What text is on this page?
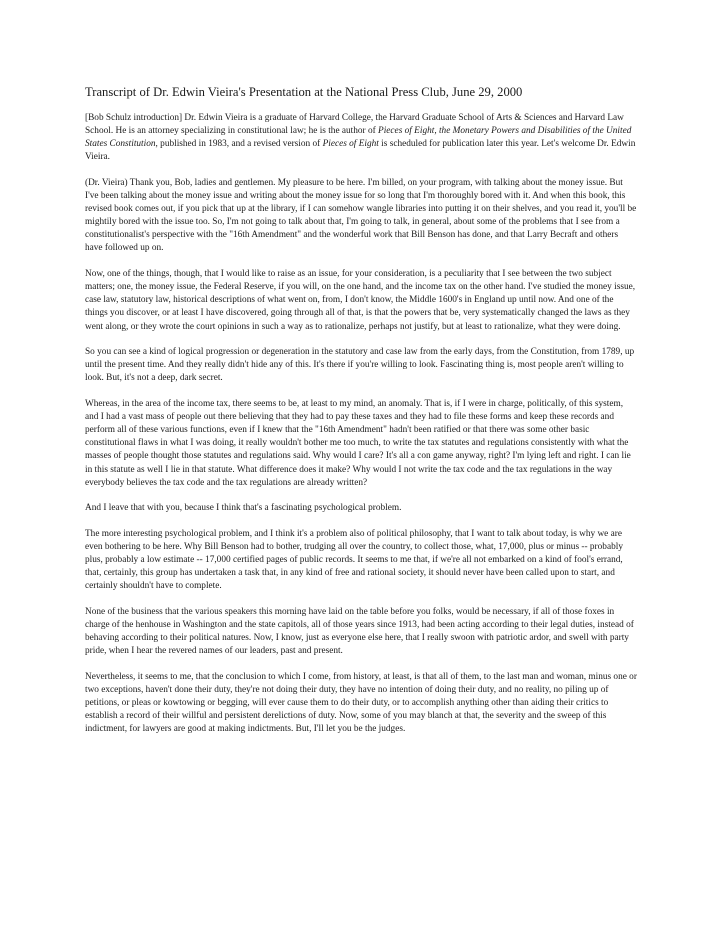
Transcript of Dr. Edwin Vieira's Presentation at the National Press Club, June 29, 2000

[Bob Schulz introduction] Dr. Edwin Vieira is a graduate of Harvard College, the Harvard Graduate School of Arts & Sciences and Harvard Law School. He is an attorney specializing in constitutional law; he is the author of Pieces of Eight, the Monetary Powers and Disabilities of the United States Constitution, published in 1983, and a revised version of Pieces of Eight is scheduled for publication later this year. Let's welcome Dr. Edwin Vieira.

(Dr. Vieira) Thank you, Bob, ladies and gentlemen. My pleasure to be here. I'm billed, on your program, with talking about the money issue. But I've been talking about the money issue and writing about the money issue for so long that I'm thoroughly bored with it. And when this book, this revised book comes out, if you pick that up at the library, if I can somehow wangle libraries into putting it on their shelves, and you read it, you'll be mightily bored with the issue too. So, I'm not going to talk about that, I'm going to talk, in general, about some of the problems that I see from a constitutionalist's perspective with the "16th Amendment" and the wonderful work that Bill Benson has done, and that Larry Becraft and others have followed up on.

Now, one of the things, though, that I would like to raise as an issue, for your consideration, is a peculiarity that I see between the two subject matters; one, the money issue, the Federal Reserve, if you will, on the one hand, and the income tax on the other hand. I've studied the money issue, case law, statutory law, historical descriptions of what went on, from, I don't know, the Middle 1600's in England up until now. And one of the things you discover, or at least I have discovered, going through all of that, is that the powers that be, very systematically changed the laws as they went along, or they wrote the court opinions in such a way as to rationalize, perhaps not justify, but at least to rationalize, what they were doing.

So you can see a kind of logical progression or degeneration in the statutory and case law from the early days, from the Constitution, from 1789, up until the present time. And they really didn't hide any of this. It's there if you're willing to look. Fascinating thing is, most people aren't willing to look. But, it's not a deep, dark secret.

Whereas, in the area of the income tax, there seems to be, at least to my mind, an anomaly. That is, if I were in charge, politically, of this system, and I had a vast mass of people out there believing that they had to pay these taxes and they had to file these forms and keep these records and perform all of these various functions, even if I knew that the "16th Amendment" hadn't been ratified or that there was some other basic constitutional flaws in what I was doing, it really wouldn't bother me too much, to write the tax statutes and regulations consistently with what the masses of people thought those statutes and regulations said. Why would I care? It's all a con game anyway, right? I'm lying left and right. I can lie in this statute as well I lie in that statute. What difference does it make? Why would I not write the tax code and the tax regulations in the way everybody believes the tax code and the tax regulations are already written?

And I leave that with you, because I think that's a fascinating psychological problem.

The more interesting psychological problem, and I think it's a problem also of political philosophy, that I want to talk about today, is why we are even bothering to be here. Why Bill Benson had to bother, trudging all over the country, to collect those, what, 17,000, plus or minus -- probably plus, probably a low estimate -- 17,000 certified pages of public records. It seems to me that, if we're all not embarked on a kind of fool's errand, that, certainly, this group has undertaken a task that, in any kind of free and rational society, it should never have been called upon to start, and certainly shouldn't have to complete.

None of the business that the various speakers this morning have laid on the table before you folks, would be necessary, if all of those foxes in charge of the henhouse in Washington and the state capitols, all of those years since 1913, had been acting according to their legal duties, instead of behaving according to their political natures. Now, I know, just as everyone else here, that I really swoon with patriotic ardor, and swell with party pride, when I hear the revered names of our leaders, past and present.

Nevertheless, it seems to me, that the conclusion to which I come, from history, at least, is that all of them, to the last man and woman, minus one or two exceptions, haven't done their duty, they're not doing their duty, they have no intention of doing their duty, and no reality, no piling up of petitions, or pleas or kowtowing or begging, will ever cause them to do their duty, or to accomplish anything other than aiding their critics to establish a record of their willful and persistent derelictions of duty. Now, some of you may blanch at that, the severity and the sweep of this indictment, for lawyers are good at making indictments. But, I'll let you be the judges.
